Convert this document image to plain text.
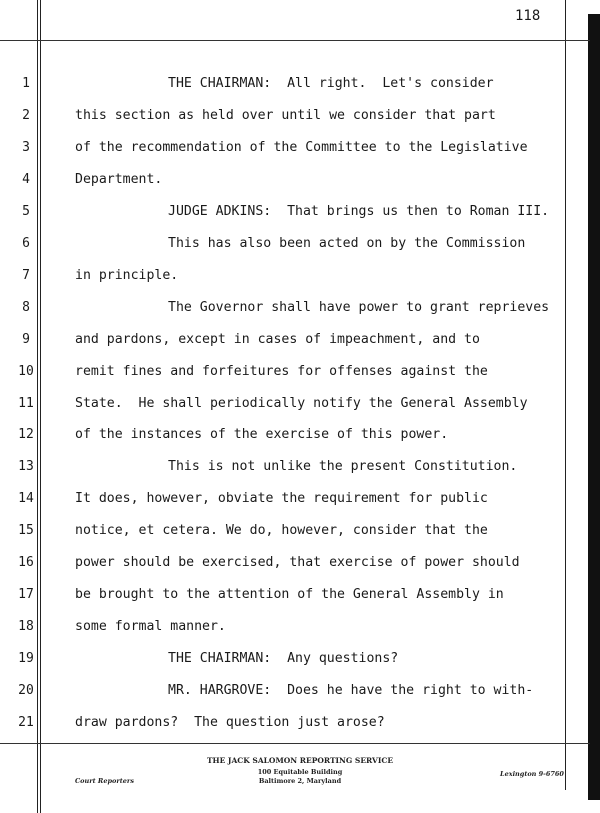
118
1	THE CHAIRMAN:  All right.  Let's consider
2	this section as held over until we consider that part
3	of the recommendation of the Committee to the Legislative
4	Department.
5	JUDGE ADKINS:  That brings us then to Roman III.
6	This has also been acted on by the Commission
7	in principle.
8	The Governor shall have power to grant reprieves
9	and pardons, except in cases of impeachment, and to
10	remit fines and forfeitures for offenses against the
11	State.  He shall periodically notify the General Assembly
12	of the instances of the exercise of this power.
13	This is not unlike the present Constitution.
14	It does, however, obviate the requirement for public
15	notice, et cetera. We do, however, consider that the
16	power should be exercised, that exercise of power should
17	be brought to the attention of the General Assembly in
18	some formal manner.
19	THE CHAIRMAN:  Any questions?
20	MR. HARGROVE:  Does he have the right to with-
21	draw pardons?  The question just arose?
THE JACK SALOMON REPORTING SERVICE
100 Equitable Building
Baltimore 2, Maryland
Court Reporters
Lexington 9-6760
